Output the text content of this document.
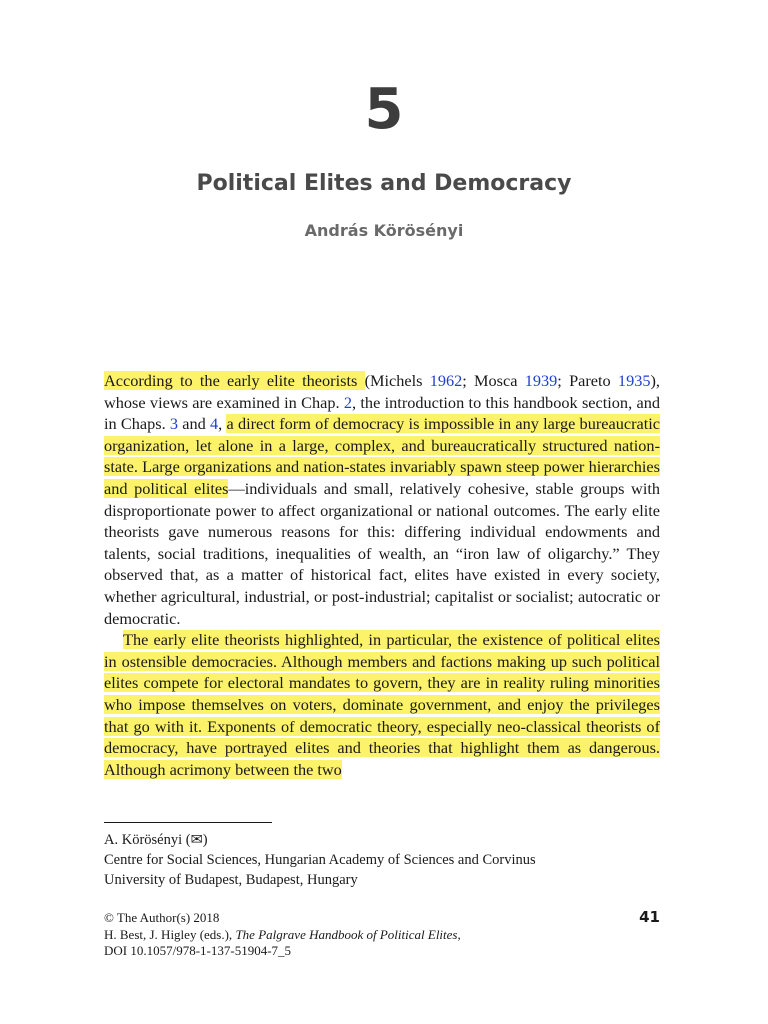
5
Political Elites and Democracy
András Körösényi

According to the early elite theorists (Michels 1962; Mosca 1939; Pareto 1935), whose views are examined in Chap. 2, the introduction to this handbook section, and in Chaps. 3 and 4, a direct form of democracy is impossible in any large bureaucratic organization, let alone in a large, complex, and bureaucratically structured nation-state. Large organizations and nation-states invariably spawn steep power hierarchies and political elites—individuals and small, relatively cohesive, stable groups with disproportionate power to affect organizational or national outcomes. The early elite theorists gave numerous reasons for this: differing individual endowments and talents, social traditions, inequalities of wealth, an “iron law of oligarchy.” They observed that, as a matter of historical fact, elites have existed in every society, whether agricultural, industrial, or post-industrial; capitalist or socialist; autocratic or democratic.

The early elite theorists highlighted, in particular, the existence of political elites in ostensible democracies. Although members and factions making up such political elites compete for electoral mandates to govern, they are in reality ruling minorities who impose themselves on voters, dominate government, and enjoy the privileges that go with it. Exponents of democratic theory, especially neo-classical theorists of democracy, have portrayed elites and theories that highlight them as dangerous. Although acrimony between the two

A. Körösényi (✉)
Centre for Social Sciences, Hungarian Academy of Sciences and Corvinus
University of Budapest, Budapest, Hungary
© The Author(s) 2018
H. Best, J. Higley (eds.), The Palgrave Handbook of Political Elites,
DOI 10.1057/978-1-137-51904-7_5
41
